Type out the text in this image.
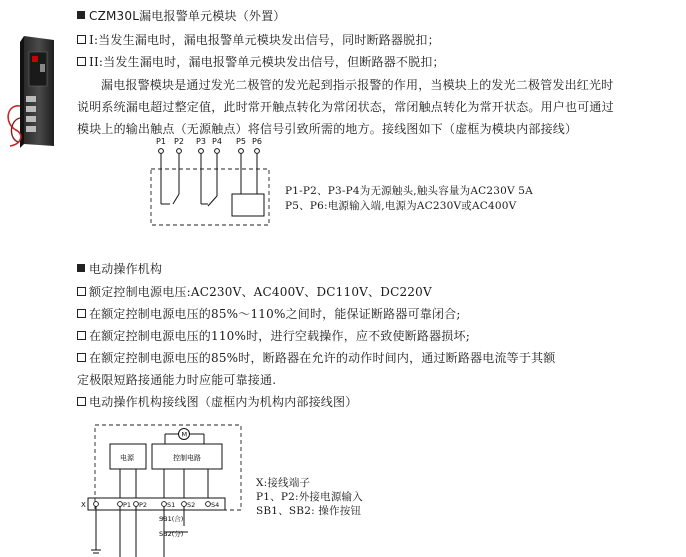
CZM30L漏电报警单元模块（外置）
I:当发生漏电时，漏电报警单元模块发出信号，同时断路器脱扣；
II:当发生漏电时，漏电报警单元模块发出信号，但断路器不脱扣；
漏电报警模块是通过发光二极管的发光起到指示报警的作用，当模块上的发光二极管发出红光时
说明系统漏电超过整定值，此时常开触点转化为常闭状态，常闭触点转化为常开状态。用户也可通过
模块上的输出触点（无源触点）将信号引致所需的地方。接线图如下（虚框为模块内部接线）
P1 P2 P3 P4 P5 P6
P1-P2、P3-P4为无源触头,触头容量为AC230V 5A
P5、P6:电源输入端,电源为AC230V或AC400V
电动操作机构
额定控制电源电压:AC230V、AC400V、DC110V、DC220V
在额定控制电源电压的85%～110%之间时，能保证断路器可靠闭合;
在额定控制电源电压的110%时，进行空载操作，应不致使断路器损坏;
在额定控制电源电压的85%时，断路器在允许的动作时间内，通过断路器电流等于其额
定极限短路接通能力时应能可靠接通.
电动操作机构接线图（虚框内为机构内部接线图）
M
电源	控制电路
X	P1 P2	S1 S2 S4
SB1(合)
SB2(分)
X:接线端子
P1、P2:外接电源输入
SB1、SB2: 操作按钮
